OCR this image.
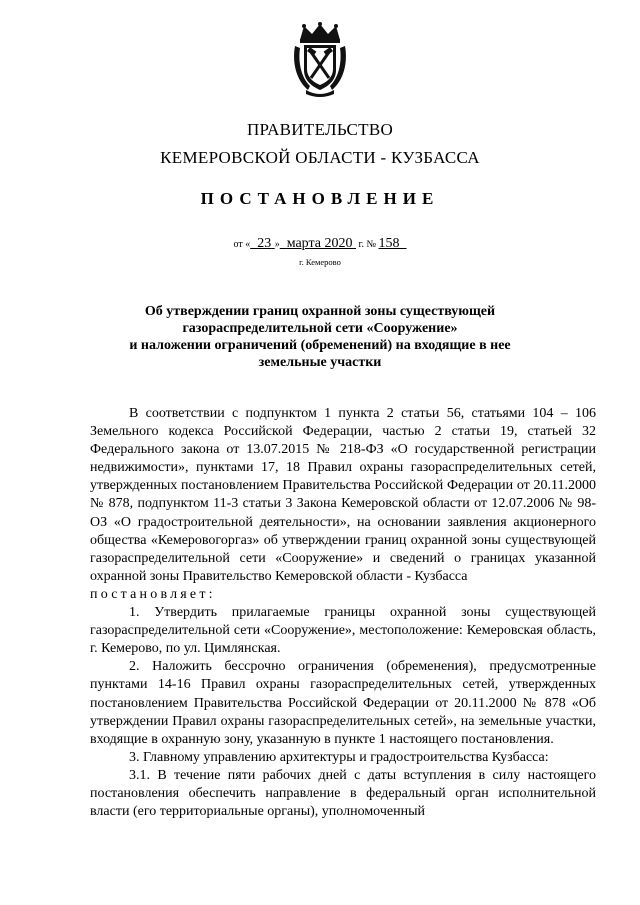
ПРАВИТЕЛЬСТВО
КЕМЕРОВСКОЙ ОБЛАСТИ - КУЗБАССА
ПОСТАНОВЛЕНИЕ
от « 23 » марта 2020 г. № 158
г. Кемерово
Об утверждении границ охранной зоны существующей
газораспределительной сети «Сооружение»
и наложении ограничений (обременений) на входящие в нее
земельные участки

В соответствии с подпунктом 1 пункта 2 статьи 56, статьями 104 – 106 Земельного кодекса Российской Федерации, частью 2 статьи 19, статьей 32 Федерального закона от 13.07.2015 № 218-ФЗ «О государственной регистрации недвижимости», пунктами 17, 18 Правил охраны газораспределительных сетей, утвержденных постановлением Правительства Российской Федерации от 20.11.2000 № 878, подпунктом 11-3 статьи 3 Закона Кемеровской области от 12.07.2006 № 98-ОЗ «О градостроительной деятельности», на основании заявления акционерного общества «Кемеровогоргаз» об утверждении границ охранной зоны существующей газораспределительной сети «Сооружение» и сведений о границах указанной охранной зоны Правительство Кемеровской области - Кузбасса

постановляет:

1. Утвердить прилагаемые границы охранной зоны существующей газораспределительной сети «Сооружение», местоположение: Кемеровская область, г. Кемерово, по ул. Цимлянская.

2. Наложить бессрочно ограничения (обременения), предусмотренные пунктами 14-16 Правил охраны газораспределительных сетей, утвержденных постановлением Правительства Российской Федерации от 20.11.2000 № 878 «Об утверждении Правил охраны газораспределительных сетей», на земельные участки, входящие в охранную зону, указанную в пункте 1 настоящего постановления.

3. Главному управлению архитектуры и градостроительства Кузбасса:

3.1. В течение пяти рабочих дней с даты вступления в силу настоящего постановления обеспечить направление в федеральный орган исполнительной власти (его территориальные органы), уполномоченный
